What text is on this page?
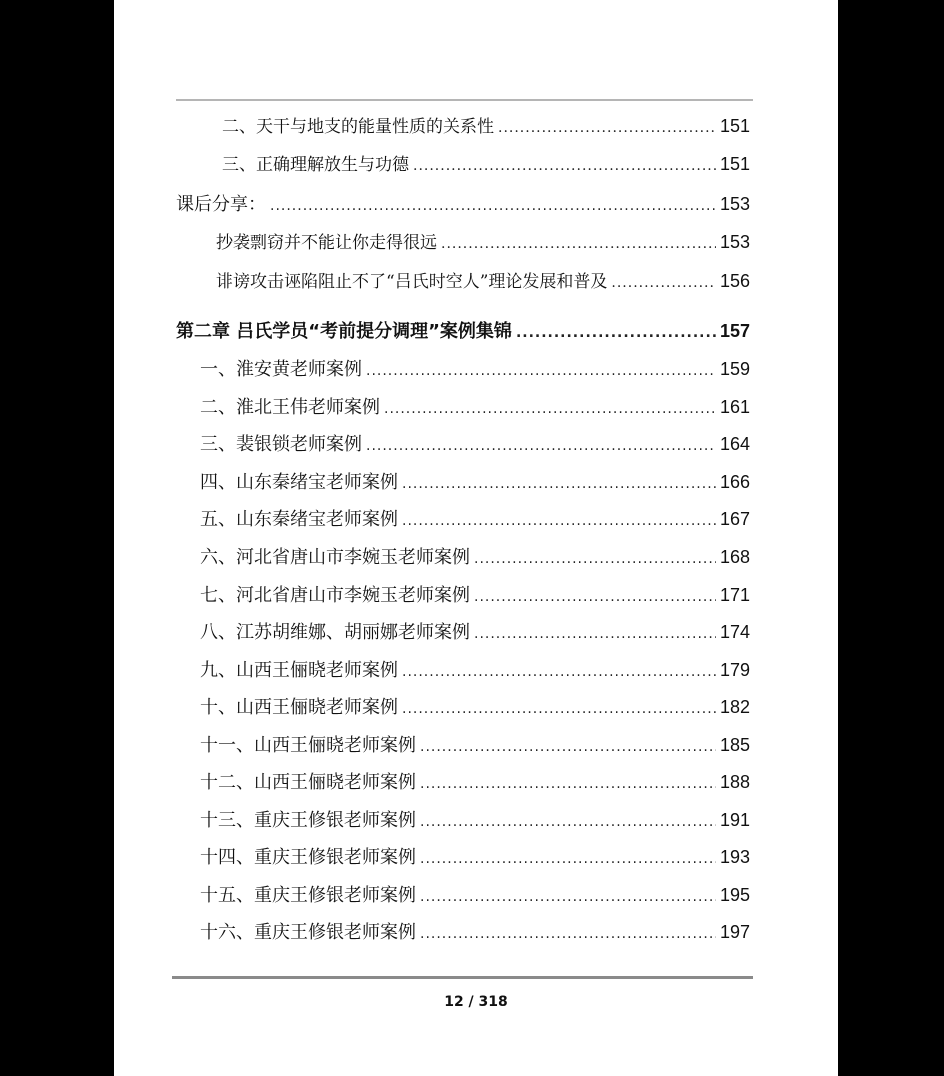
二、天干与地支的能量性质的关系性 .....	151
三、正确理解放生与功德 .....	151
课后分享： .....	153
抄袭剽窃并不能让你走得很远 .....	153
诽谤攻击诬陷阻止不了“吕氏时空人”理论发展和普及 .....	156
第二章 吕氏学员“考前提分调理”案例集锦 .....	157
一、淮安黄老师案例 .....	159
二、淮北王伟老师案例 .....	161
三、裴银锁老师案例 .....	164
四、山东秦绪宝老师案例 .....	166
五、山东秦绪宝老师案例 .....	167
六、河北省唐山市李婉玉老师案例 .....	168
七、河北省唐山市李婉玉老师案例 .....	171
八、江苏胡维娜、胡丽娜老师案例 .....	174
九、山西王俪晓老师案例 .....	179
十、山西王俪晓老师案例 .....	182
十一、山西王俪晓老师案例 .....	185
十二、山西王俪晓老师案例 .....	188
十三、重庆王修银老师案例 .....	191
十四、重庆王修银老师案例 .....	193
十五、重庆王修银老师案例 .....	195
十六、重庆王修银老师案例 .....	197
12 / 318
